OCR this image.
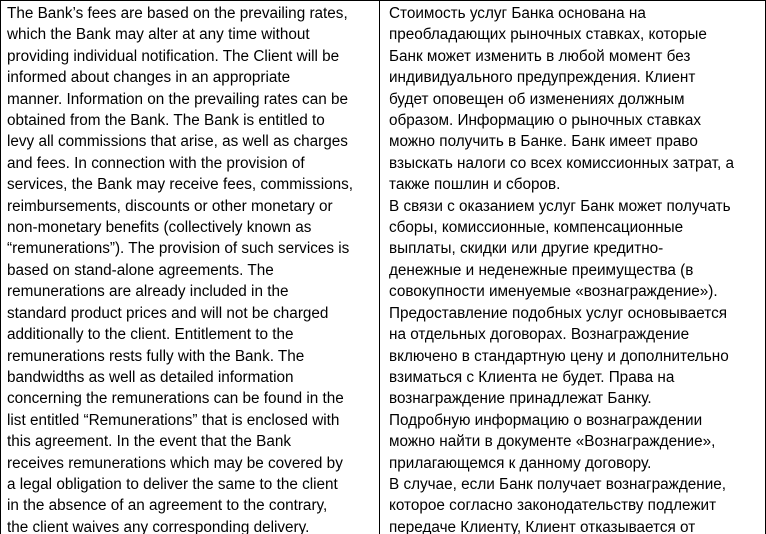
The Bank’s fees are based on the prevailing rates,
which the Bank may alter at any time without
providing individual notification. The Client will be
informed about changes in an appropriate
manner. Information on the prevailing rates can be
obtained from the Bank. The Bank is entitled to
levy all commissions that arise, as well as charges
and fees. In connection with the provision of
services, the Bank may receive fees, commissions,
reimbursements, discounts or other monetary or
non-monetary benefits (collectively known as
“remunerations”). The provision of such services is
based on stand-alone agreements. The
remunerations are already included in the
standard product prices and will not be charged
additionally to the client. Entitlement to the
remunerations rests fully with the Bank. The
bandwidths as well as detailed information
concerning the remunerations can be found in the
list entitled “Remunerations” that is enclosed with
this agreement. In the event that the Bank
receives remunerations which may be covered by
a legal obligation to deliver the same to the client
in the absence of an agreement to the contrary,
the client waives any corresponding delivery.
Стоимость услуг Банка основана на
преобладающих рыночных ставках, которые
Банк может изменить в любой момент без
индивидуального предупреждения. Клиент
будет оповещен об изменениях должным
образом. Информацию о рыночных ставках
можно получить в Банке. Банк имеет право
взыскать налоги со всех комиссионных затрат, а
также пошлин и сборов.
В связи с оказанием услуг Банк может получать
сборы, комиссионные, компенсационные
выплаты, скидки или другие кредитно-
денежные и неденежные преимущества (в
совокупности именуемые «вознаграждение»).
Предоставление подобных услуг основывается
на отдельных договорах. Вознаграждение
включено в стандартную цену и дополнительно
взиматься с Клиента не будет. Права на
вознаграждение принадлежат Банку.
Подробную информацию о вознаграждении
можно найти в документе «Вознаграждение»,
прилагающемся к данному договору.
В случае, если Банк получает вознаграждение,
которое согласно законодательству подлежит
передаче Клиенту, Клиент отказывается от
